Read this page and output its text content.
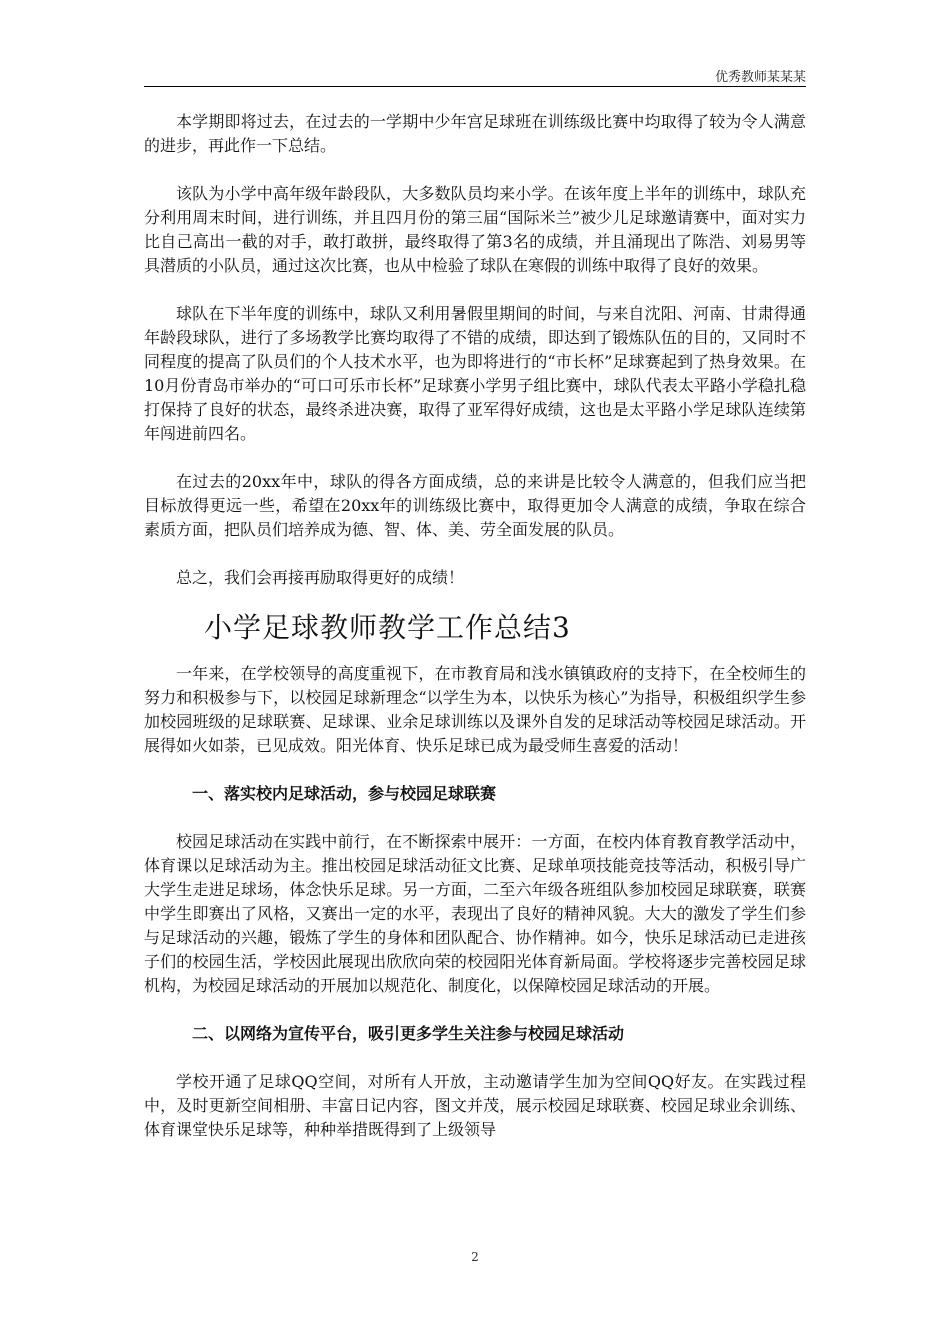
优秀教师某某某

本学期即将过去，在过去的一学期中少年宫足球班在训练级比赛中均取得了较为令人满意的进步，再此作一下总结。

该队为小学中高年级年龄段队，大多数队员均来小学。在该年度上半年的训练中，球队充分利用周末时间，进行训练，并且四月份的第三届“国际米兰”被少儿足球邀请赛中，面对实力比自己高出一截的对手，敢打敢拼，最终取得了第3名的成绩，并且涌现出了陈浩、刘易男等具潜质的小队员，通过这次比赛，也从中检验了球队在寒假的训练中取得了良好的效果。

球队在下半年度的训练中，球队又利用暑假里期间的时间，与来自沈阳、河南、甘肃得通年龄段球队，进行了多场教学比赛均取得了不错的成绩，即达到了锻炼队伍的目的，又同时不同程度的提高了队员们的个人技术水平，也为即将进行的“市长杯”足球赛起到了热身效果。在10月份青岛市举办的“可口可乐市长杯”足球赛小学男子组比赛中，球队代表太平路小学稳扎稳打保持了良好的状态，最终杀进决赛，取得了亚军得好成绩，这也是太平路小学足球队连续第年闯进前四名。

在过去的20xx年中，球队的得各方面成绩，总的来讲是比较令人满意的，但我们应当把目标放得更远一些，希望在20xx年的训练级比赛中，取得更加令人满意的成绩，争取在综合素质方面，把队员们培养成为德、智、体、美、劳全面发展的队员。

总之，我们会再接再励取得更好的成绩！

小学足球教师教学工作总结3

一年来，在学校领导的高度重视下，在市教育局和浅水镇镇政府的支持下，在全校师生的努力和积极参与下，以校园足球新理念“以学生为本，以快乐为核心”为指导，积极组织学生参加校园班级的足球联赛、足球课、业余足球训练以及课外自发的足球活动等校园足球活动。开展得如火如荼，已见成效。阳光体育、快乐足球已成为最受师生喜爱的活动！

一、落实校内足球活动，参与校园足球联赛

校园足球活动在实践中前行，在不断探索中展开：一方面，在校内体育教育教学活动中，体育课以足球活动为主。推出校园足球活动征文比赛、足球单项技能竞技等活动，积极引导广大学生走进足球场，体念快乐足球。另一方面，二至六年级各班组队参加校园足球联赛，联赛中学生即赛出了风格，又赛出一定的水平，表现出了良好的精神风貌。大大的激发了学生们参与足球活动的兴趣，锻炼了学生的身体和团队配合、协作精神。如今，快乐足球活动已走进孩子们的校园生活，学校因此展现出欣欣向荣的校园阳光体育新局面。学校将逐步完善校园足球机构，为校园足球活动的开展加以规范化、制度化，以保障校园足球活动的开展。

二、以网络为宣传平台，吸引更多学生关注参与校园足球活动

学校开通了足球QQ空间，对所有人开放，主动邀请学生加为空间QQ好友。在实践过程中，及时更新空间相册、丰富日记内容，图文并茂，展示校园足球联赛、校园足球业余训练、体育课堂快乐足球等，种种举措既得到了上级领导

2
